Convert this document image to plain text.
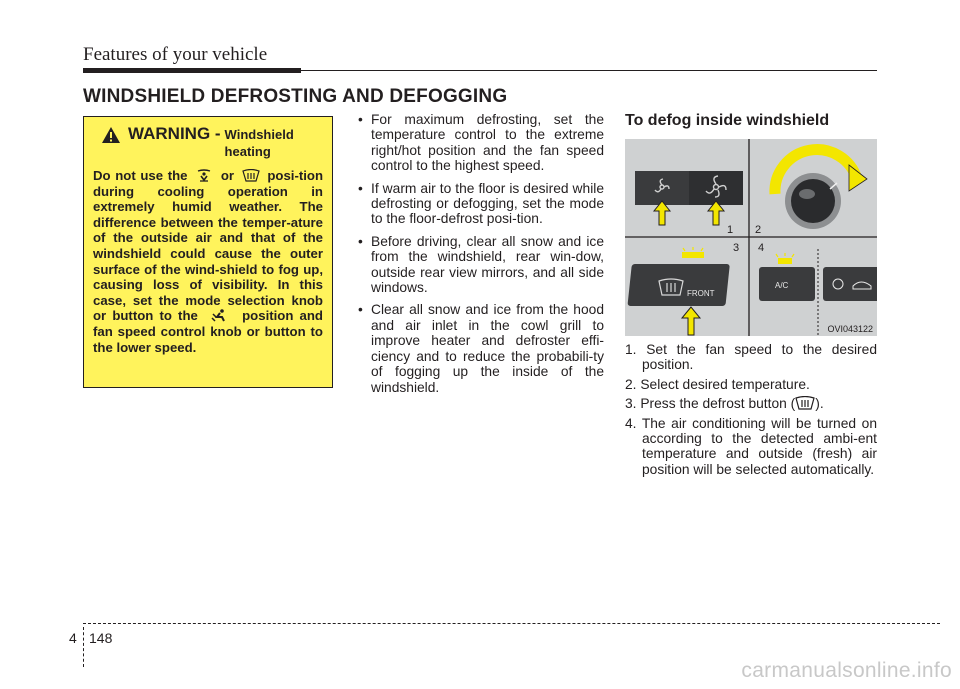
Features of your vehicle
WINDSHIELD DEFROSTING AND DEFOGGING
WARNING - Windshield heating
Do not use the	or	posi-tion during cooling operation in extremely humid weather. The difference between the temper-ature of the outside air and that of the windshield could cause the outer surface of the wind-shield to fog up, causing loss of visibility. In this case, set the mode selection knob or button to the	position and fan speed control knob or button to the lower speed.
• For maximum defrosting, set the temperature control to the extreme right/hot position and the fan speed control to the highest speed.
• If warm air to the floor is desired while defrosting or defogging, set the mode to the floor-defrost posi-tion.
• Before driving, clear all snow and ice from the windshield, rear win-dow, outside rear view mirrors, and all side windows.
• Clear all snow and ice from the hood and air inlet in the cowl grill to improve heater and defroster effi-ciency and to reduce the probabili-ty of fogging up the inside of the windshield.
To defog inside windshield
1 2
3
FRONT
4
A/C
OVI043122
1. Set the fan speed to the desired position.
2. Select desired temperature.
3. Press the defrost button ( ).
4. The air conditioning will be turned on according to the detected ambi-ent temperature and outside (fresh) air position will be selected automatically.
4 148
carmanualsonline.info
